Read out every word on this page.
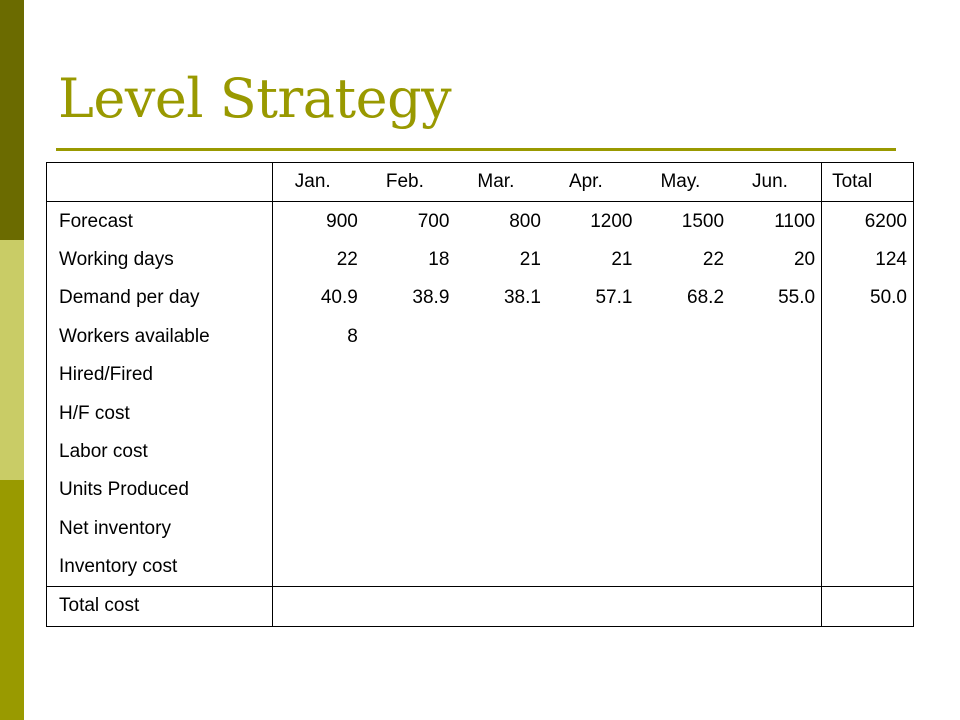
Level Strategy
	Jan.	Feb.	Mar.	Apr.	May.	Jun.	Total
Forecast	900	700	800	1200	1500	1100	6200
Working days	22	18	21	21	22	20	124
Demand per day	40.9	38.9	38.1	57.1	68.2	55.0	50.0
Workers available	8						
Hired/Fired							
H/F cost							
Labor cost							
Units Produced							
Net inventory							
Inventory cost							
Total cost							
